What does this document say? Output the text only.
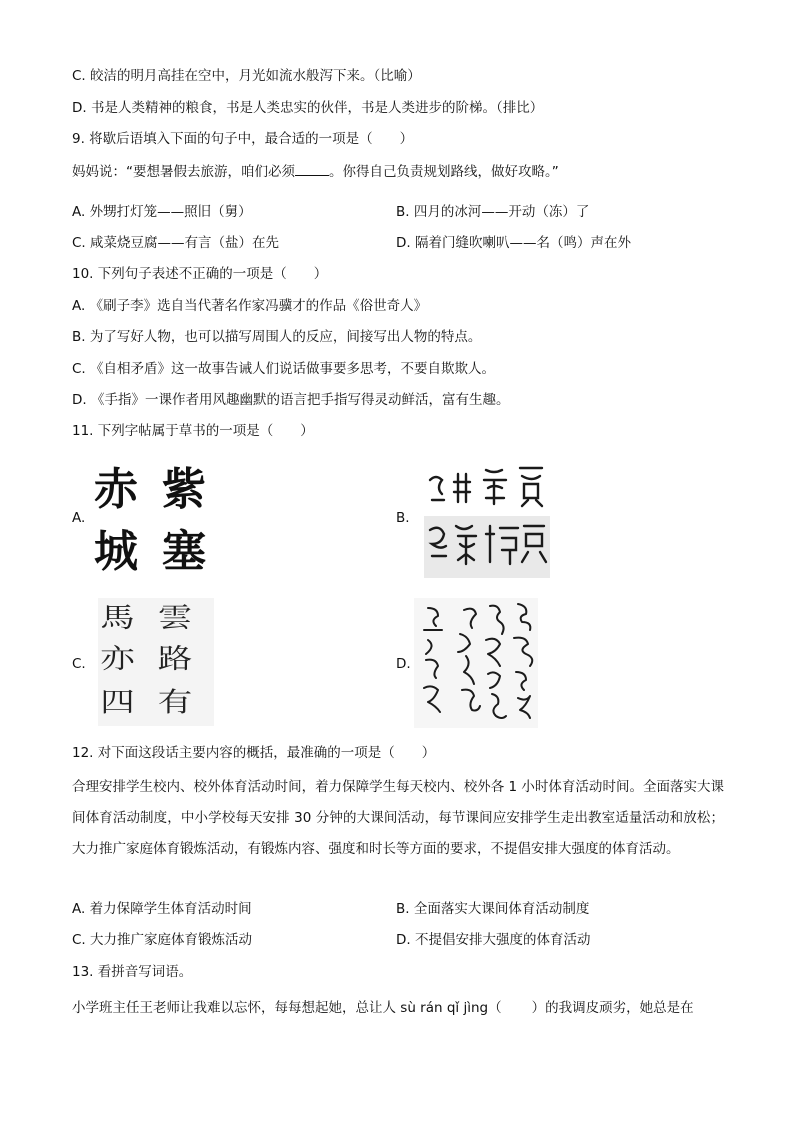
C. 皎洁的明月高挂在空中，月光如流水般泻下来。（比喻）
D. 书是人类精神的粮食，书是人类忠实的伙伴，书是人类进步的阶梯。（排比）
9. 将歇后语填入下面的句子中，最合适的一项是（　　）
妈妈说：“要想暑假去旅游，咱们必须	。你得自己负责规划路线，做好攻略。”
A. 外甥打灯笼——照旧（舅）	B. 四月的冰河——开动（冻）了
C. 咸菜烧豆腐——有言（盐）在先	D. 隔着门缝吹喇叭——名（鸣）声在外
10. 下列句子表述不正确的一项是（　　）
A. 《刷子李》选自当代著名作家冯骥才的作品《俗世奇人》
B. 为了写好人物，也可以描写周围人的反应，间接写出人物的特点。
C. 《自相矛盾》这一故事告诫人们说话做事要多思考，不要自欺欺人。
D. 《手指》一课作者用风趣幽默的语言把手指写得灵动鲜活，富有生趣。
11. 下列字帖属于草书的一项是（　　）
A.
赤 紫
城 塞
B.
C.
馬 雲
亦 路
四 有
D.
12. 对下面这段话主要内容的概括，最准确的一项是（　　）
合理安排学生校内、校外体育活动时间，着力保障学生每天校内、校外各 1 小时体育活动时间。全面落实大课间体育活动制度，中小学校每天安排 30 分钟的大课间活动，每节课间应安排学生走出教室适量活动和放松；大力推广家庭体育锻炼活动，有锻炼内容、强度和时长等方面的要求，不提倡安排大强度的体育活动。
A. 着力保障学生体育活动时间	B. 全面落实大课间体育活动制度
C. 大力推广家庭体育锻炼活动	D. 不提倡安排大强度的体育活动
13. 看拼音写词语。
小学班主任王老师让我难以忘怀，每每想起她，总让人 sù rán qǐ jìng（ ）的我调皮顽劣，她总是在
